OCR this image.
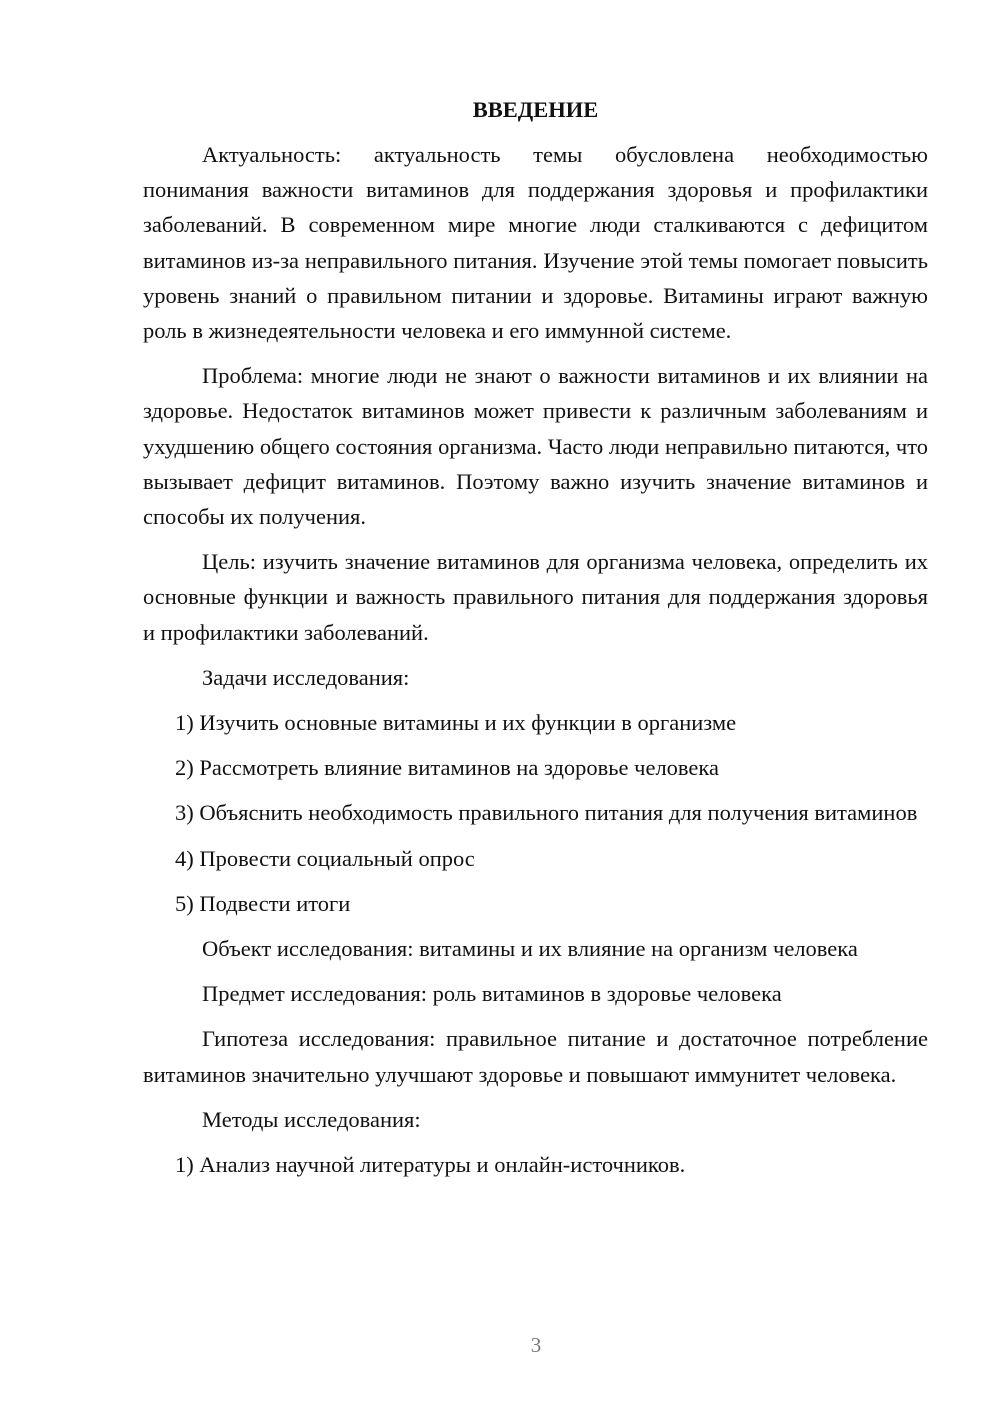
ВВЕДЕНИЕ
Актуальность: актуальность темы обусловлена необходимостью понимания важности витаминов для поддержания здоровья и профилактики заболеваний. В современном мире многие люди сталкиваются с дефицитом витаминов из-за неправильного питания. Изучение этой темы помогает повысить уровень знаний о правильном питании и здоровье. Витамины играют важную роль в жизнедеятельности человека и его иммунной системе.
Проблема: многие люди не знают о важности витаминов и их влиянии на здоровье. Недостаток витаминов может привести к различным заболеваниям и ухудшению общего состояния организма. Часто люди неправильно питаются, что вызывает дефицит витаминов. Поэтому важно изучить значение витаминов и способы их получения.
Цель: изучить значение витаминов для организма человека, определить их основные функции и важность правильного питания для поддержания здоровья и профилактики заболеваний.
Задачи исследования:
1) Изучить основные витамины и их функции в организме
2) Рассмотреть влияние витаминов на здоровье человека
3) Объяснить необходимость правильного питания для получения витаминов
4) Провести социальный опрос
5) Подвести итоги
Объект исследования: витамины и их влияние на организм человека
Предмет исследования: роль витаминов в здоровье человека
Гипотеза исследования: правильное питание и достаточное потребление витаминов значительно улучшают здоровье и повышают иммунитет человека.
Методы исследования:
1) Анализ научной литературы и онлайн-источников.
3
